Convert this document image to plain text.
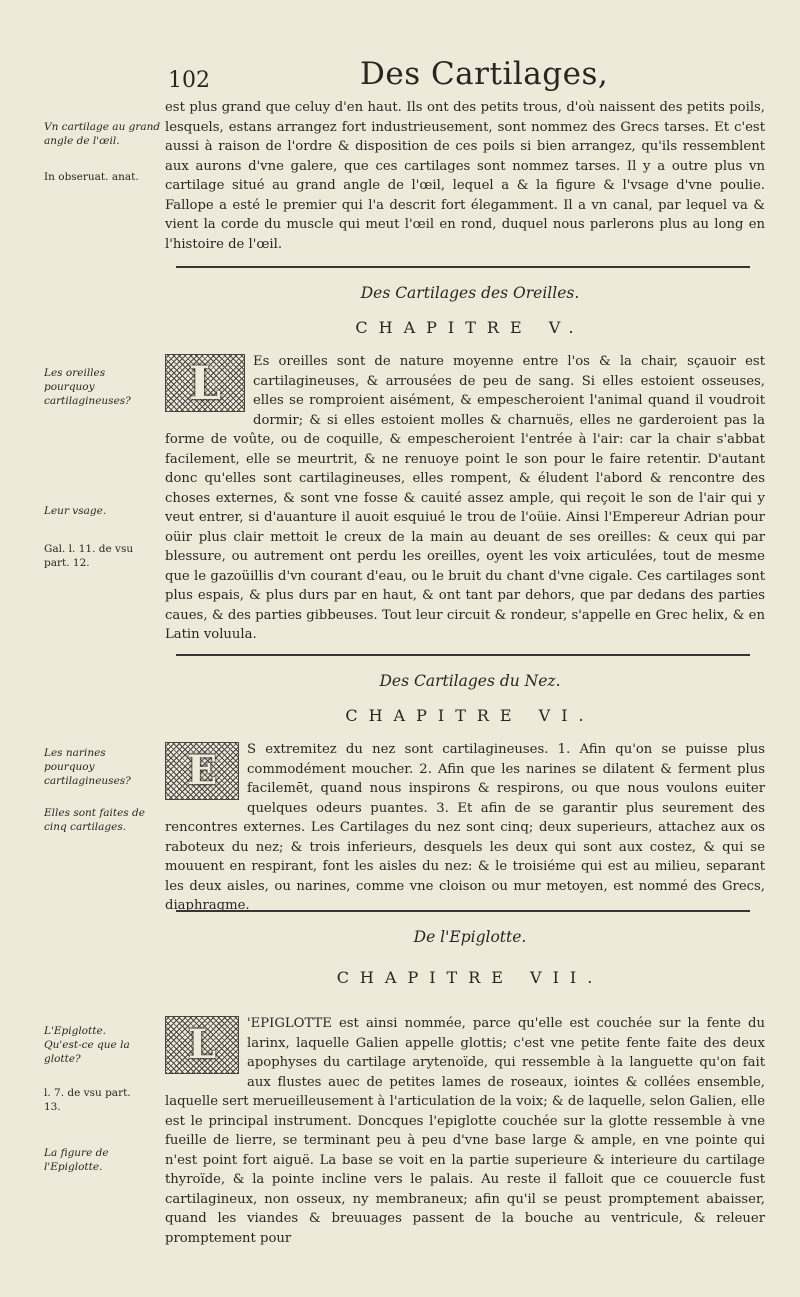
102	Des Cartilages,
Vn cartilage au grand angle de l'œil.
In obseruat. anat.
Les oreilles pourquoy cartilagineuses?
Leur vsage.
Gal. l. 11. de vsu part. 12.
Les narines pourquoy cartilagineuses?
Elles sont faites de cinq cartilages.
L'Epiglotte. Qu'est-ce que la glotte?
l. 7. de vsu part. 13.
La figure de l'Epiglotte.
est plus grand que celuy d'en haut. Ils ont des petits trous, d'où naissent des petits poils, lesquels, estans arrangez fort industrieusement, sont nommez des Grecs tarses. Et c'est aussi à raison de l'ordre & disposition de ces poils si bien arrangez, qu'ils ressemblent aux aurons d'vne galere, que ces cartilages sont nommez tarses. Il y a outre plus vn cartilage situé au grand angle de l'œil, lequel a & la figure & l'vsage d'vne poulie. Fallope a esté le premier qui l'a descrit fort élegamment. Il a vn canal, par lequel va & vient la corde du muscle qui meut l'œil en rond, duquel nous parlerons plus au long en l'histoire de l'œil.
Des Cartilages des Oreilles.
CHAPITRE V.
L Es oreilles sont de nature moyenne entre l'os & la chair, sçauoir est cartilagineuses, & arrousées de peu de sang. Si elles estoient osseuses, elles se romproient aisément, & empescheroient l'animal quand il voudroit dormir; & si elles estoient molles & charnuës, elles ne garderoient pas la forme de voûte, ou de coquille, & empescheroient l'entrée à l'air: car la chair s'abbat facilement, elle se meurtrit, & ne renuoye point le son pour le faire retentir. D'autant donc qu'elles sont cartilagineuses, elles rompent, & éludent l'abord & rencontre des choses externes, & sont vne fosse & cauité assez ample, qui reçoit le son de l'air qui y veut entrer, si d'auanture il auoit esquiué le trou de l'oüie. Ainsi l'Empereur Adrian pour oüir plus clair mettoit le creux de la main au deuant de ses oreilles: & ceux qui par blessure, ou autrement ont perdu les oreilles, oyent les voix articulées, tout de mesme que le gazoüillis d'vn courant d'eau, ou le bruit du chant d'vne cigale. Ces cartilages sont plus espais, & plus durs par en haut, & ont tant par dehors, que par dedans des parties caues, & des parties gibbeuses. Tout leur circuit & rondeur, s'appelle en Grec helix, & en Latin voluula.
Des Cartilages du Nez.
CHAPITRE VI.
E S extremitez du nez sont cartilagineuses. 1. Afin qu'on se puisse plus commodément moucher. 2. Afin que les narines se dilatent & ferment plus facilemēt, quand nous inspirons & respirons, ou que nous voulons euiter quelques odeurs puantes. 3. Et afin de se garantir plus seurement des rencontres externes. Les Cartilages du nez sont cinq; deux superieurs, attachez aux os raboteux du nez; & trois inferieurs, desquels les deux qui sont aux costez, & qui se mouuent en respirant, font les aisles du nez: & le troisiéme qui est au milieu, separant les deux aisles, ou narines, comme vne cloison ou mur metoyen, est nommé des Grecs, diaphragme.
De l'Epiglotte.
CHAPITRE VII.
L 'EPIGLOTTE est ainsi nommée, parce qu'elle est couchée sur la fente du larinx, laquelle Galien appelle glottis; c'est vne petite fente faite des deux apophyses du cartilage arytenoïde, qui ressemble à la languette qu'on fait aux flustes auec de petites lames de roseaux, iointes & collées ensemble, laquelle sert merueilleusement à l'articulation de la voix; & de laquelle, selon Galien, elle est le principal instrument. Doncques l'epiglotte couchée sur la glotte ressemble à vne fueille de lierre, se terminant peu à peu d'vne base large & ample, en vne pointe qui n'est point fort aiguë. La base se voit en la partie superieure & interieure du cartilage thyroïde, & la pointe incline vers le palais. Au reste il falloit que ce couuercle fust cartilagineux, non osseux, ny membraneux; afin qu'il se peust promptement abaisser, quand les viandes & breuuages passent de la bouche au ventricule, & releuer promptement pour
